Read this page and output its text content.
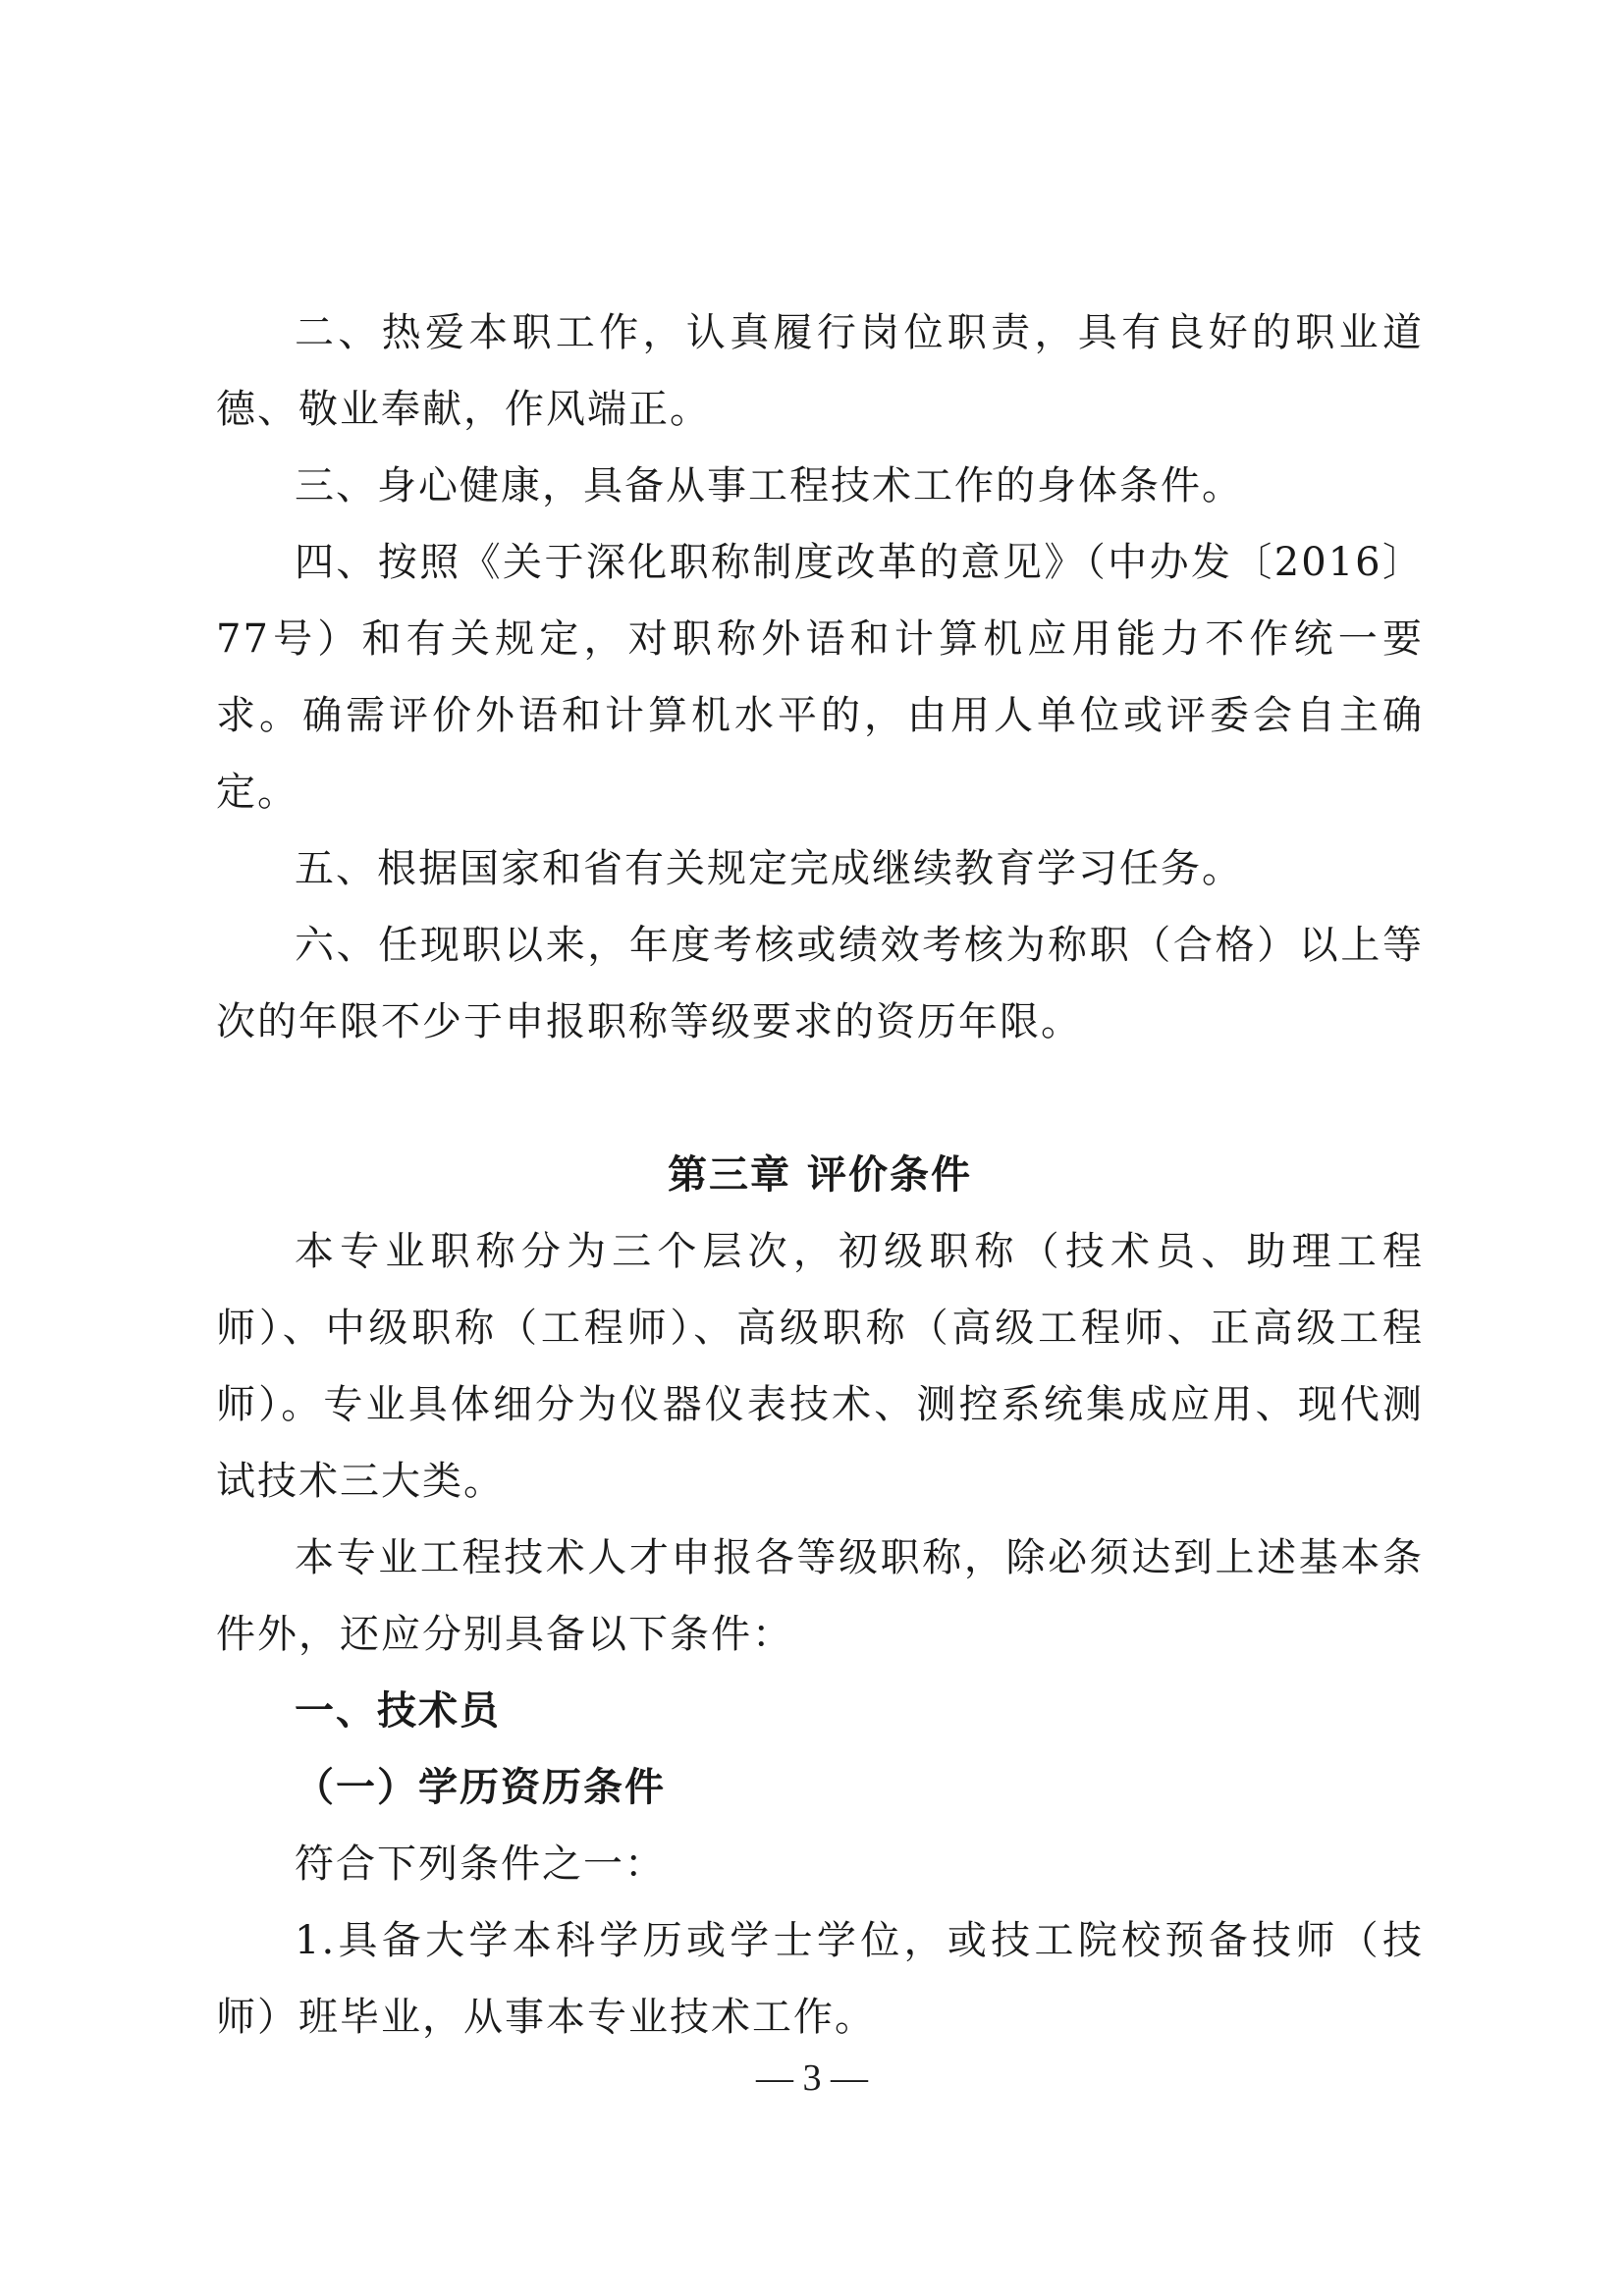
二、热爱本职工作，认真履行岗位职责，具有良好的职业道德、敬业奉献，作风端正。

三、身心健康，具备从事工程技术工作的身体条件。

四、按照《关于深化职称制度改革的意见》（中办发〔2016〕77号）和有关规定，对职称外语和计算机应用能力不作统一要求。确需评价外语和计算机水平的，由用人单位或评委会自主确定。

五、根据国家和省有关规定完成继续教育学习任务。

六、任现职以来，年度考核或绩效考核为称职（合格）以上等次的年限不少于申报职称等级要求的资历年限。

第三章 评价条件

本专业职称分为三个层次，初级职称（技术员、助理工程师）、中级职称（工程师）、高级职称（高级工程师、正高级工程师）。专业具体细分为仪器仪表技术、测控系统集成应用、现代测试技术三大类。

本专业工程技术人才申报各等级职称，除必须达到上述基本条件外，还应分别具备以下条件：

一、技术员

（一）学历资历条件

符合下列条件之一：

1.具备大学本科学历或学士学位，或技工院校预备技师（技师）班毕业，从事本专业技术工作。

— 3 —
